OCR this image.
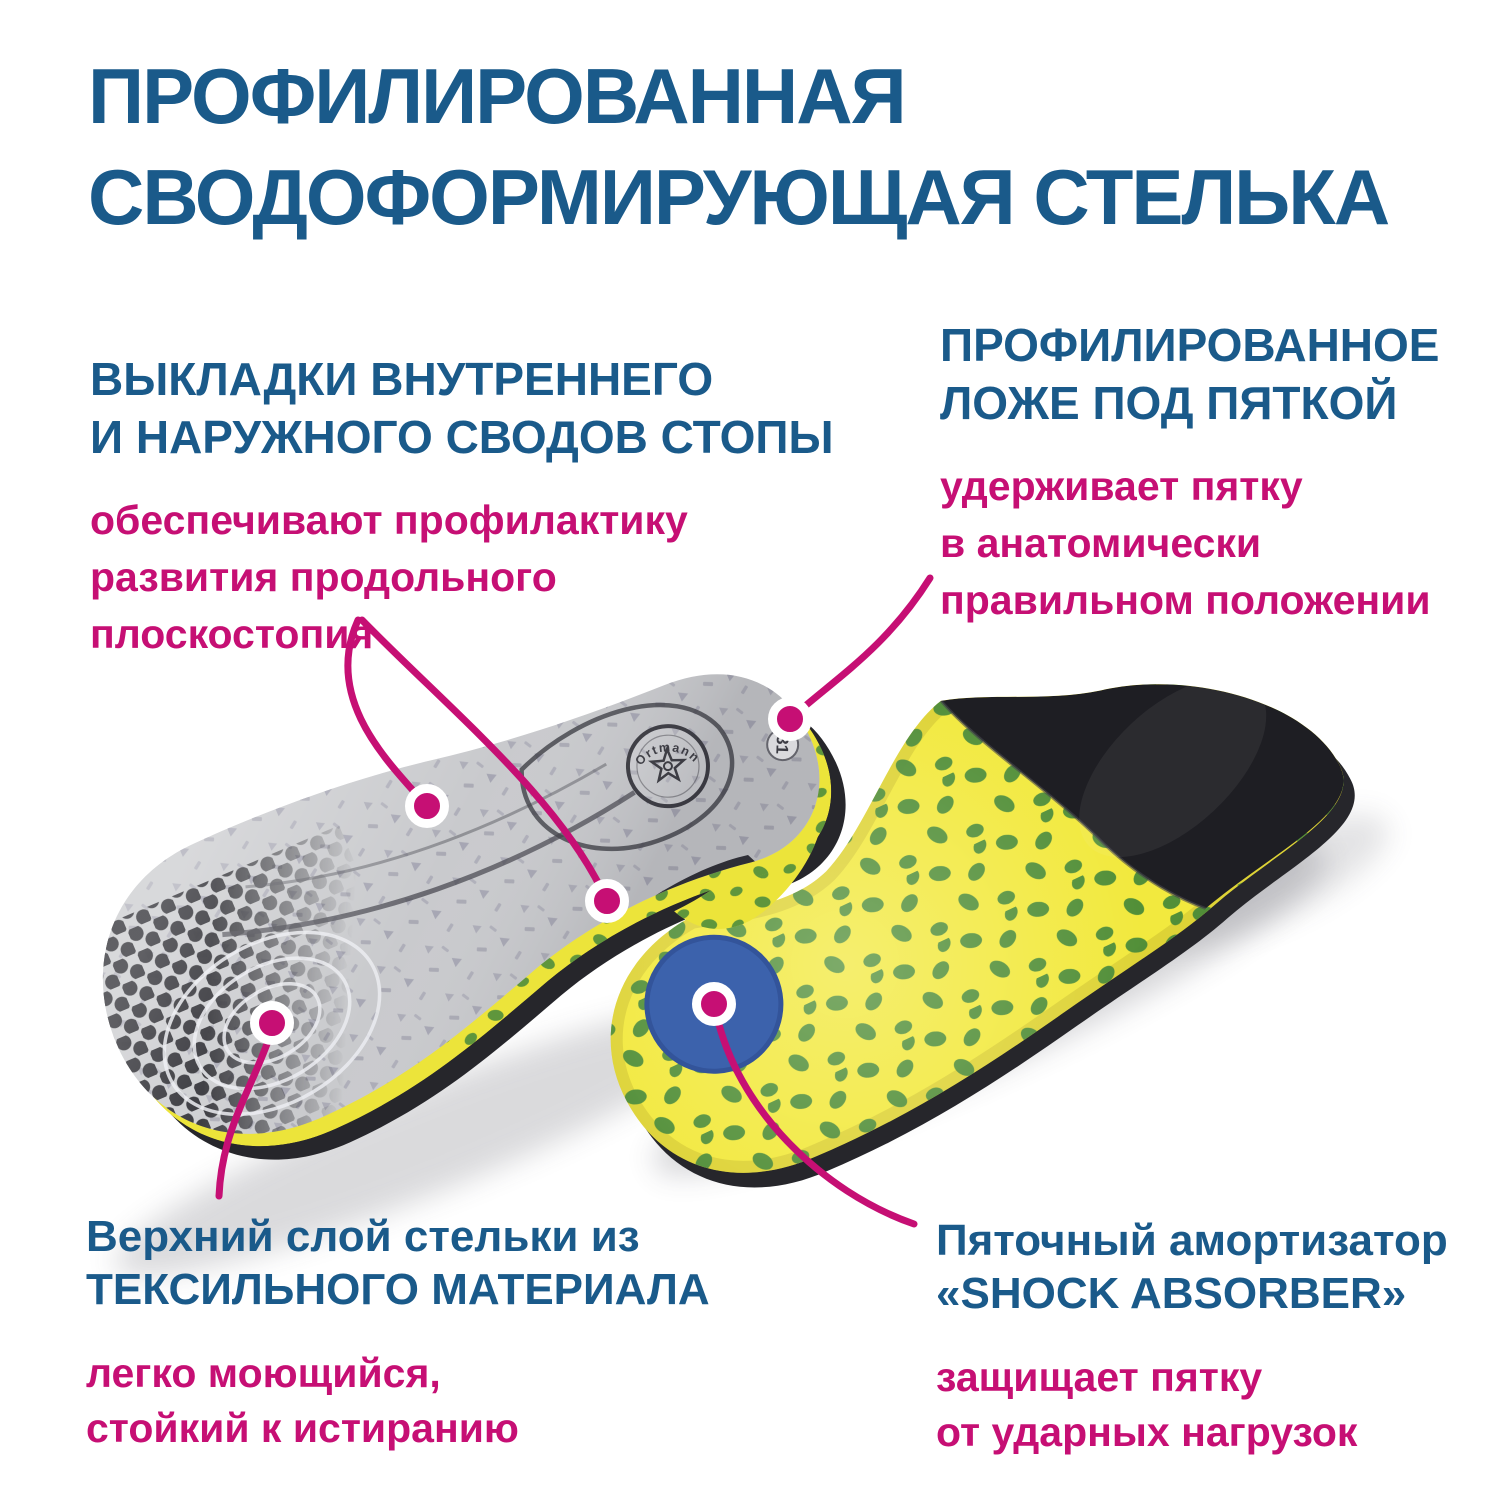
ПРОФИЛИРОВАННАЯ
СВОДОФОРМИРУЮЩАЯ СТЕЛЬКА
ВЫКЛАДКИ ВНУТРЕННЕГО
И НАРУЖНОГО СВОДОВ СТОПЫ
обеспечивают профилактику
развития продольного
плоскостопия
ПРОФИЛИРОВАННОЕ
ЛОЖЕ ПОД ПЯТКОЙ
удерживает пятку
в анатомически
правильном положении
Верхний слой стельки из
ТЕКСИЛЬНОГО МАТЕРИАЛА
легко моющийся,
стойкий к истиранию
Пяточный амортизатор
«SHOCK ABSORBER»
защищает пятку
от ударных нагрузок
